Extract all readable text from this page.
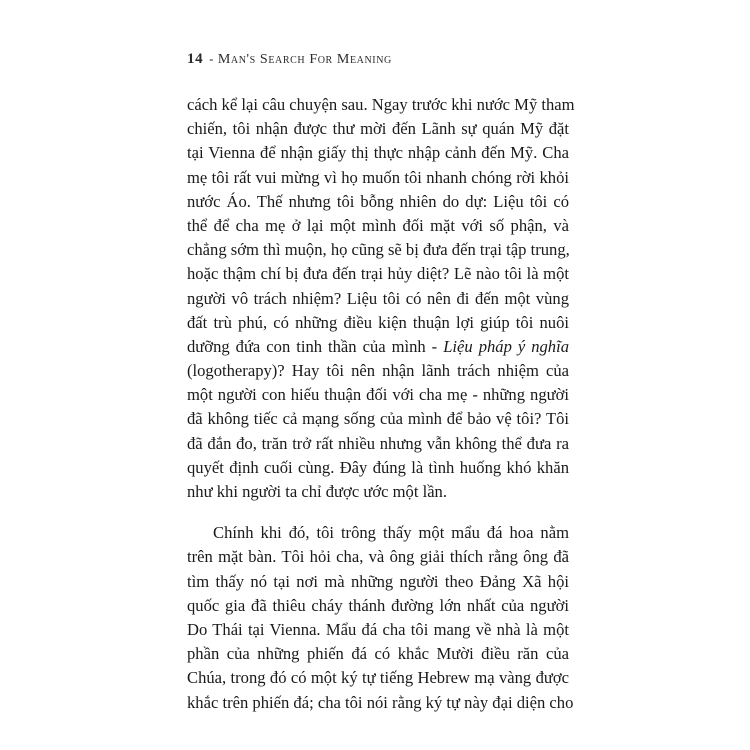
14 - Man's Search For Meaning
cách kể lại câu chuyện sau. Ngay trước khi nước Mỹ tham
chiến, tôi nhận được thư mời đến Lãnh sự quán Mỹ đặt
tại Vienna để nhận giấy thị thực nhập cảnh đến Mỹ. Cha
mẹ tôi rất vui mừng vì họ muốn tôi nhanh chóng rời khỏi
nước Áo. Thế nhưng tôi bỗng nhiên do dự: Liệu tôi có
thể để cha mẹ ở lại một mình đối mặt với số phận, và
chẳng sớm thì muộn, họ cũng sẽ bị đưa đến trại tập trung,
hoặc thậm chí bị đưa đến trại hủy diệt? Lẽ nào tôi là một
người vô trách nhiệm? Liệu tôi có nên đi đến một vùng
đất trù phú, có những điều kiện thuận lợi giúp tôi nuôi
dưỡng đứa con tinh thần của mình - Liệu pháp ý nghĩa
(logotherapy)? Hay tôi nên nhận lãnh trách nhiệm của
một người con hiếu thuận đối với cha mẹ - những người
đã không tiếc cả mạng sống của mình để bảo vệ tôi? Tôi
đã đắn đo, trăn trở rất nhiều nhưng vẫn không thể đưa ra
quyết định cuối cùng. Đây đúng là tình huống khó khăn
như khi người ta chỉ được ước một lần.
Chính khi đó, tôi trông thấy một mẩu đá hoa nằm
trên mặt bàn. Tôi hỏi cha, và ông giải thích rằng ông đã
tìm thấy nó tại nơi mà những người theo Đảng Xã hội
quốc gia đã thiêu cháy thánh đường lớn nhất của người
Do Thái tại Vienna. Mẩu đá cha tôi mang về nhà là một
phần của những phiến đá có khắc Mười điều răn của
Chúa, trong đó có một ký tự tiếng Hebrew mạ vàng được
khắc trên phiến đá; cha tôi nói rằng ký tự này đại diện cho
